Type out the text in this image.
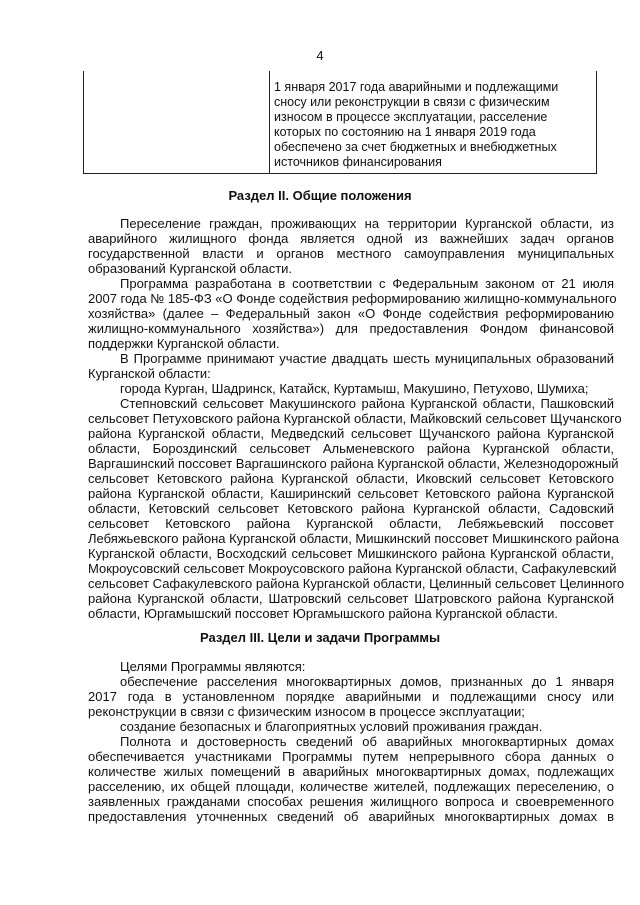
4
1 января 2017 года аварийными и подлежащими
сносу или реконструкции в связи с физическим
износом в процессе эксплуатации, расселение
которых по состоянию на 1 января 2019 года
обеспечено за счет бюджетных и внебюджетных
источников финансирования
Раздел II. Общие положения
Переселение граждан, проживающих на территории Курганской области, из
аварийного жилищного фонда является одной из важнейших задач органов
государственной власти и органов местного самоуправления муниципальных
образований Курганской области.
Программа разработана в соответствии с Федеральным законом от 21 июля
2007 года № 185-ФЗ «О Фонде содействия реформированию жилищно-коммунального
хозяйства» (далее – Федеральный закон «О Фонде содействия реформированию
жилищно-коммунального хозяйства») для предоставления Фондом финансовой
поддержки Курганской области.
В Программе принимают участие двадцать шесть муниципальных образований
Курганской области:
города Курган, Шадринск, Катайск, Куртамыш, Макушино, Петухово, Шумиха;
Степновский сельсовет Макушинского района Курганской области, Пашковский
сельсовет Петуховского района Курганской области, Майковский сельсовет Щучанского
района Курганской области, Медведский сельсовет Щучанского района Курганской
области, Бороздинский сельсовет Альменевского района Курганской области,
Варгашинский поссовет Варгашинского района Курганской области, Железнодорожный
сельсовет Кетовского района Курганской области, Иковский сельсовет Кетовского
района Курганской области, Каширинский сельсовет Кетовского района Курганской
области, Кетовский сельсовет Кетовского района Курганской области, Садовский
сельсовет Кетовского района Курганской области, Лебяжьевский поссовет
Лебяжьевского района Курганской области, Мишкинский поссовет Мишкинского района
Курганской области, Восходский сельсовет Мишкинского района Курганской области,
Мокроусовский сельсовет Мокроусовского района Курганской области, Сафакулевский
сельсовет Сафакулевского района Курганской области, Целинный сельсовет Целинного
района Курганской области, Шатровский сельсовет Шатровского района Курганской
области, Юргамышский поссовет Юргамышского района Курганской области.
Раздел III. Цели и задачи Программы
Целями Программы являются:
обеспечение расселения многоквартирных домов, признанных до 1 января
2017 года в установленном порядке аварийными и подлежащими сносу или
реконструкции в связи с физическим износом в процессе эксплуатации;
создание безопасных и благоприятных условий проживания граждан.
Полнота и достоверность сведений об аварийных многоквартирных домах
обеспечивается участниками Программы путем непрерывного сбора данных о
количестве жилых помещений в аварийных многоквартирных домах, подлежащих
расселению, их общей площади, количестве жителей, подлежащих переселению, о
заявленных гражданами способах решения жилищного вопроса и своевременного
предоставления уточненных сведений об аварийных многоквартирных домах в
